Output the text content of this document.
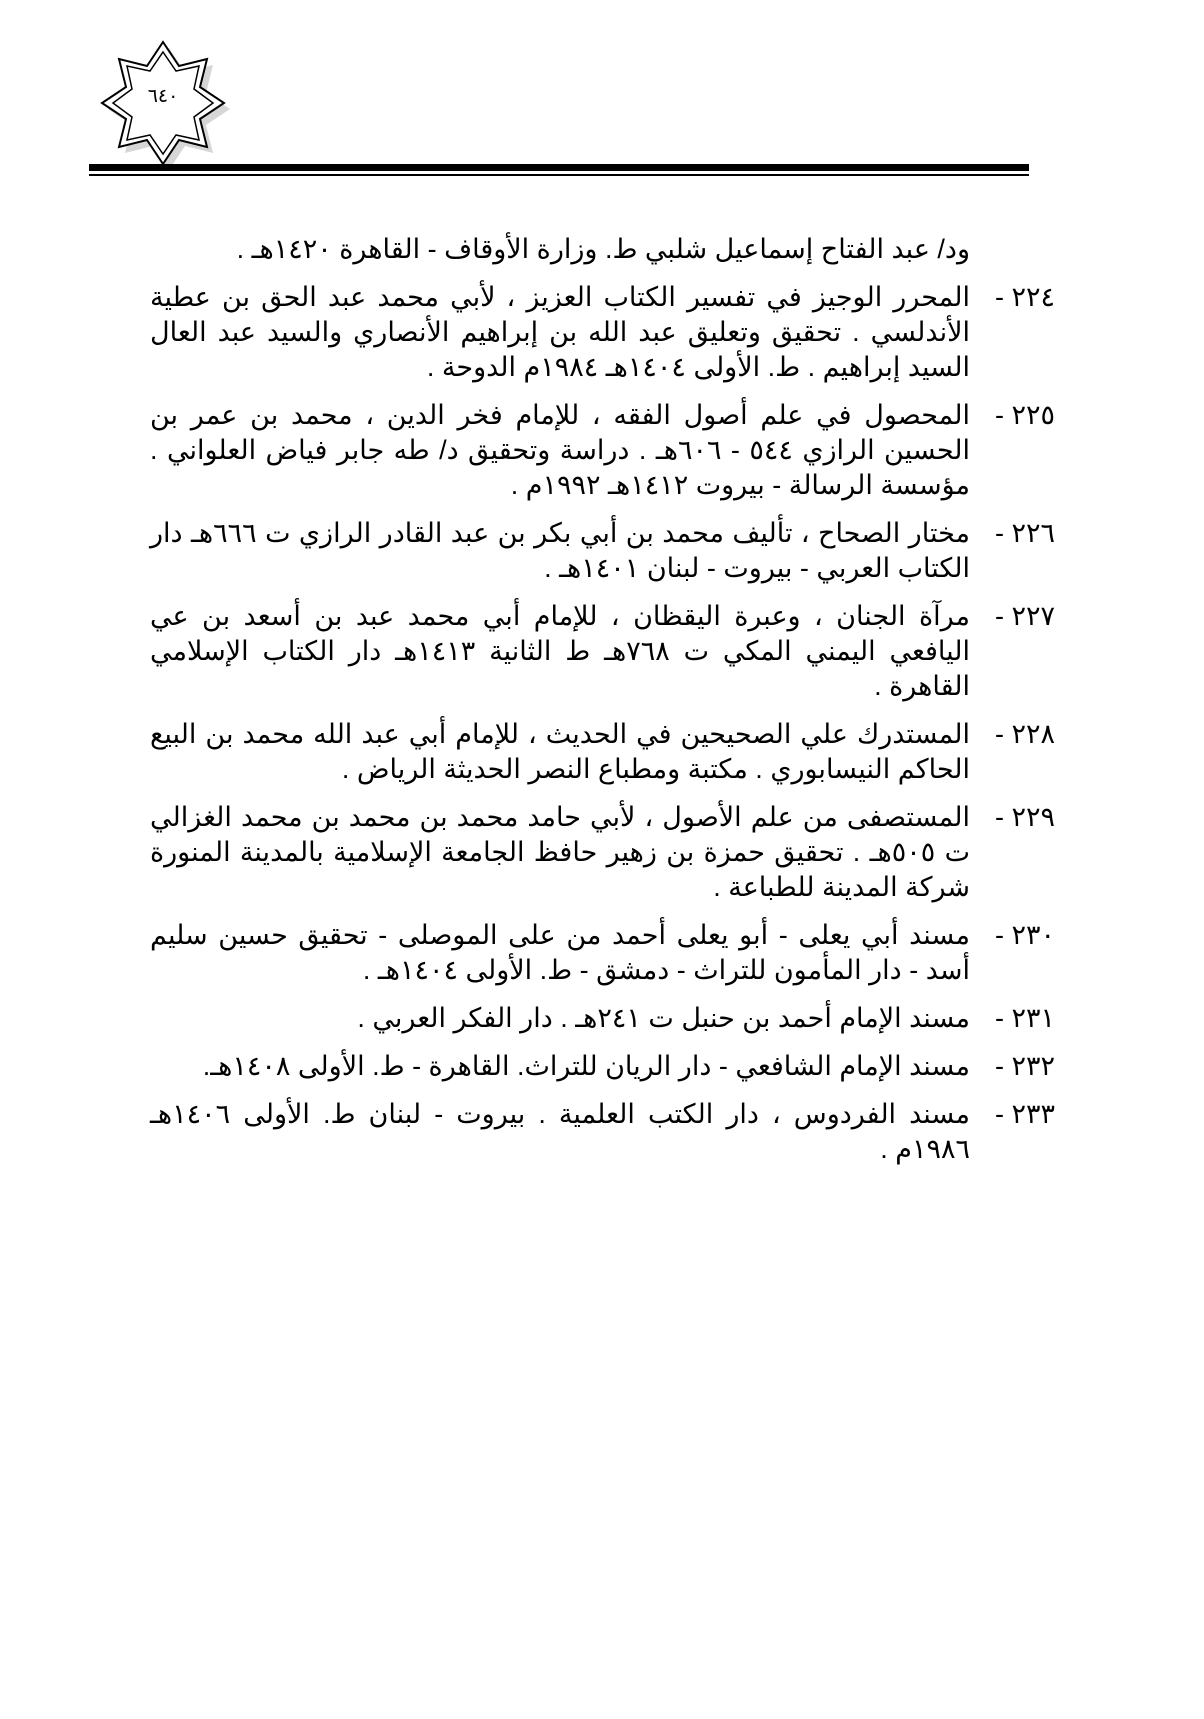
٦٤٠
ود/ عبد الفتاح إسماعيل شلبي ط. وزارة الأوقاف - القاهرة ١٤٢٠هـ .
٢٢٤ -
المحرر الوجيز في تفسير الكتاب العزيز ، لأبي محمد عبد الحق بن عطية الأندلسي . تحقيق وتعليق عبد الله بن إبراهيم الأنصاري والسيد عبد العال السيد إبراهيم . ط. الأولى ١٤٠٤هـ ١٩٨٤م الدوحة .
٢٢٥ -
المحصول في علم أصول الفقه ، للإمام فخر الدين ، محمد بن عمر بن الحسين الرازي ٥٤٤ - ٦٠٦هـ . دراسة وتحقيق د/ طه جابر فياض العلواني . مؤسسة الرسالة - بيروت ١٤١٢هـ ١٩٩٢م .
٢٢٦ -
مختار الصحاح ، تأليف محمد بن أبي بكر بن عبد القادر الرازي ت ٦٦٦هـ دار الكتاب العربي - بيروت - لبنان ١٤٠١هـ .
٢٢٧ -
مرآة الجنان ، وعبرة اليقظان ، للإمام أبي محمد عبد بن أسعد بن عي اليافعي اليمني المكي ت ٧٦٨هـ ط الثانية ١٤١٣هـ دار الكتاب الإسلامي القاهرة .
٢٢٨ -
المستدرك علي الصحيحين في الحديث ، للإمام أبي عبد الله محمد بن البيع الحاكم النيسابوري . مكتبة ومطباع النصر الحديثة الرياض .
٢٢٩ -
المستصفى من علم الأصول ، لأبي حامد محمد بن محمد بن محمد الغزالي ت ٥٠٥هـ . تحقيق حمزة بن زهير حافظ الجامعة الإسلامية بالمدينة المنورة شركة المدينة للطباعة .
٢٣٠ -
مسند أبي يعلى - أبو يعلى أحمد من على الموصلى - تحقيق حسين سليم أسد - دار المأمون للتراث - دمشق - ط. الأولى ١٤٠٤هـ .
٢٣١ -
مسند الإمام أحمد بن حنبل ت ٢٤١هـ . دار الفكر العربي .
٢٣٢ -
مسند الإمام الشافعي - دار الريان للتراث. القاهرة - ط. الأولى ١٤٠٨هـ.
٢٣٣ -
مسند الفردوس ، دار الكتب العلمية . بيروت - لبنان ط. الأولى ١٤٠٦هـ ١٩٨٦م .
